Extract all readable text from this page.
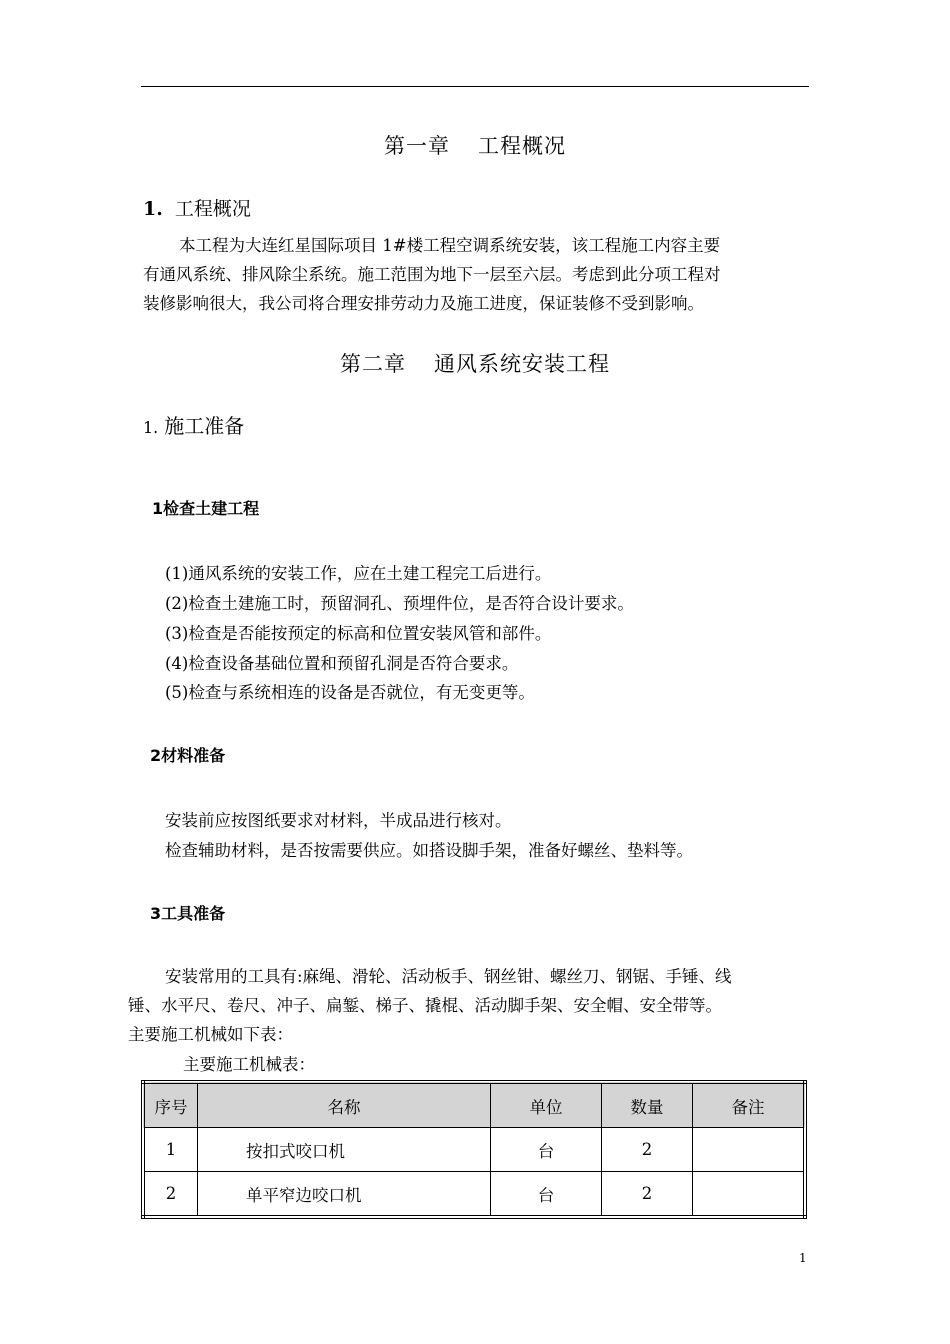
第一章 工程概况
1. 工程概况
本工程为大连红星国际项目 1#楼工程空调系统安装，该工程施工内容主要
有通风系统、排风除尘系统。施工范围为地下一层至六层。考虑到此分项工程对
装修影响很大，我公司将合理安排劳动力及施工进度，保证装修不受到影响。
第二章 通风系统安装工程
1. 施工准备
1检查土建工程
(1)通风系统的安装工作，应在土建工程完工后进行。
(2)检查土建施工时，预留洞孔、预埋件位，是否符合设计要求。
(3)检查是否能按预定的标高和位置安装风管和部件。
(4)检查设备基础位置和预留孔洞是否符合要求。
(5)检查与系统相连的设备是否就位，有无变更等。
2材料准备
安装前应按图纸要求对材料，半成品进行核对。
检查辅助材料，是否按需要供应。如搭设脚手架，准备好螺丝、垫料等。
3工具准备
安装常用的工具有:麻绳、滑轮、活动板手、钢丝钳、螺丝刀、钢锯、手锤、线
锤、水平尺、卷尺、冲子、扁錾、梯子、撬棍、活动脚手架、安全帽、安全带等。
主要施工机械如下表：
主要施工机械表：
序号	名称	单位	数量	备注
1	按扣式咬口机	台	2	
2	单平窄边咬口机	台	2	
1
